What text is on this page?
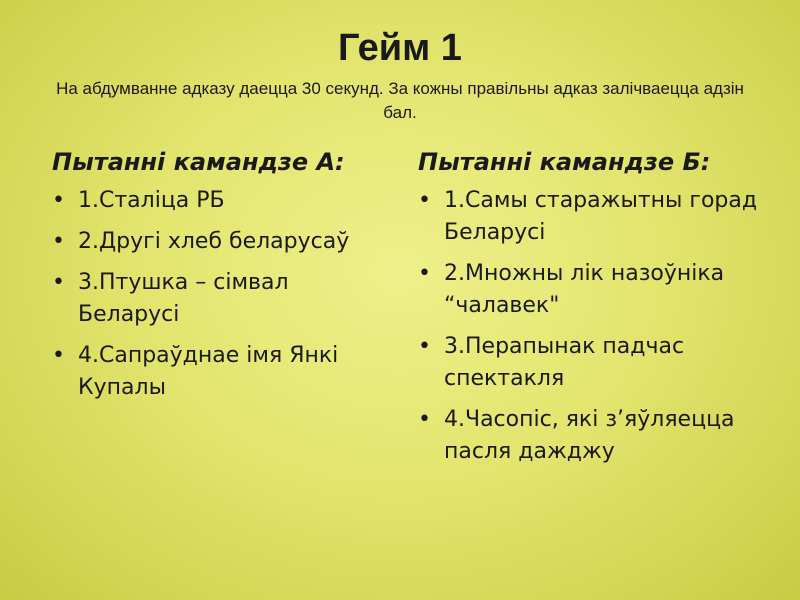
Гейм 1
На абдумванне адказу даецца 30 секунд. За кожны правільны адказ залічваецца адзін бал.
Пытанні камандзе А:
• 1.Сталіца РБ
• 2.Другі хлеб беларусаў
• 3.Птушка – сімвал Беларусі
• 4.Сапраўднае імя Янкі Купалы
Пытанні камандзе Б:
• 1.Самы старажытны горад Беларусі
• 2.Множны лік назоўніка “чалавек"
• 3.Перапынак падчас спектакля
• 4.Часопіс, які з’яўляецца пасля дажджу
